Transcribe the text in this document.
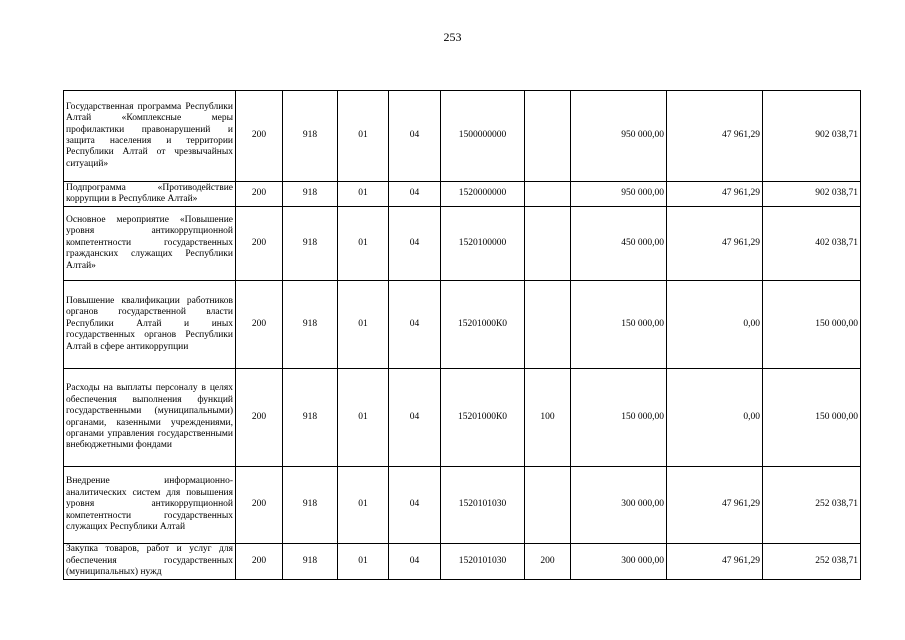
253
Государственная программа Республики Алтай «Комплексные меры профилактики правонарушений и защита населения и территории Республики Алтай от чрезвычайных ситуаций»	200	918	01	04	1500000000		950 000,00	47 961,29	902 038,71
Подпрограмма «Противодействие коррупции в Республике Алтай»	200	918	01	04	1520000000		950 000,00	47 961,29	902 038,71
Основное мероприятие «Повышение уровня антикоррупционной компетентности государственных гражданских служащих Республики Алтай»	200	918	01	04	1520100000		450 000,00	47 961,29	402 038,71
Повышение квалификации работников органов государственной власти Республики Алтай и иных государственных органов Республики Алтай в сфере антикоррупции	200	918	01	04	15201000К0		150 000,00	0,00	150 000,00
Расходы на выплаты персоналу в целях обеспечения выполнения функций государственными (муниципальными) органами, казенными учреждениями, органами управления государственными внебюджетными фондами	200	918	01	04	15201000К0	100	150 000,00	0,00	150 000,00
Внедрение информационно-аналитических систем для повышения уровня антикоррупционной компетентности государственных служащих Республики Алтай	200	918	01	04	1520101030		300 000,00	47 961,29	252 038,71
Закупка товаров, работ и услуг для обеспечения государственных (муниципальных) нужд	200	918	01	04	1520101030	200	300 000,00	47 961,29	252 038,71
